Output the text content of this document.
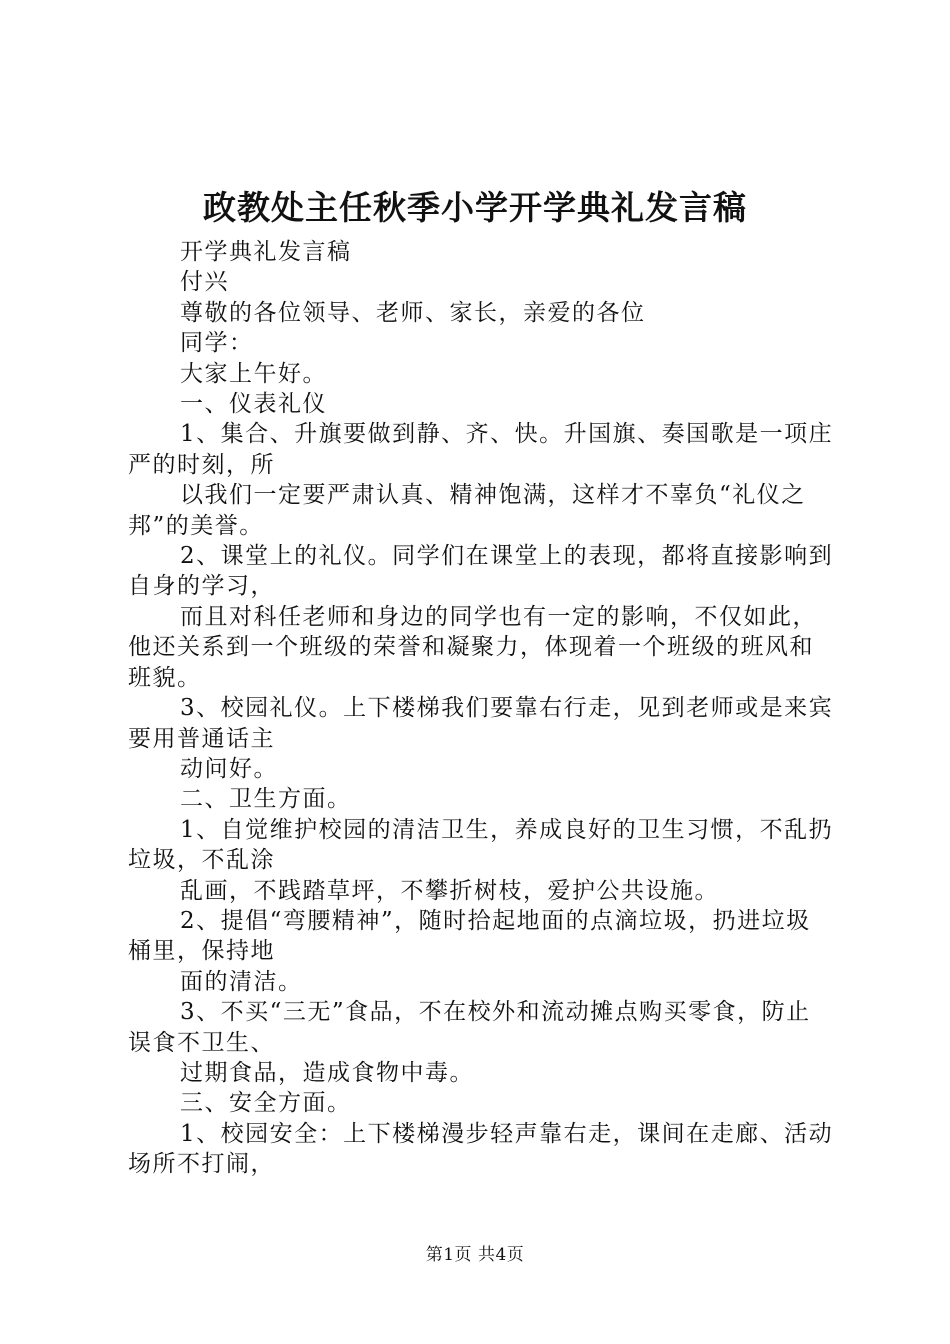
政教处主任秋季小学开学典礼发言稿

开学典礼发言稿

付兴

尊敬的各位领导、老师、家长，亲爱的各位

同学：

大家上午好。

一、仪表礼仪

1、集合、升旗要做到静、齐、快。升国旗、奏国歌是一项庄严的时刻，所

以我们一定要严肃认真、精神饱满，这样才不辜负“礼仪之邦”的美誉。

2、课堂上的礼仪。同学们在课堂上的表现，都将直接影响到自身的学习，

而且对科任老师和身边的同学也有一定的影响，不仅如此，他还关系到一个班级的荣誉和凝聚力，体现着一个班级的班风和班貌。

3、校园礼仪。上下楼梯我们要靠右行走，见到老师或是来宾要用普通话主

动问好。

二、卫生方面。

1、自觉维护校园的清洁卫生，养成良好的卫生习惯，不乱扔垃圾，不乱涂

乱画，不践踏草坪，不攀折树枝，爱护公共设施。

2、提倡“弯腰精神”，随时拾起地面的点滴垃圾，扔进垃圾桶里，保持地

面的清洁。

3、不买“三无”食品，不在校外和流动摊点购买零食，防止误食不卫生、

过期食品，造成食物中毒。

三、安全方面。

1、校园安全：上下楼梯漫步轻声靠右走，课间在走廊、活动场所不打闹，

第1页 共4页
